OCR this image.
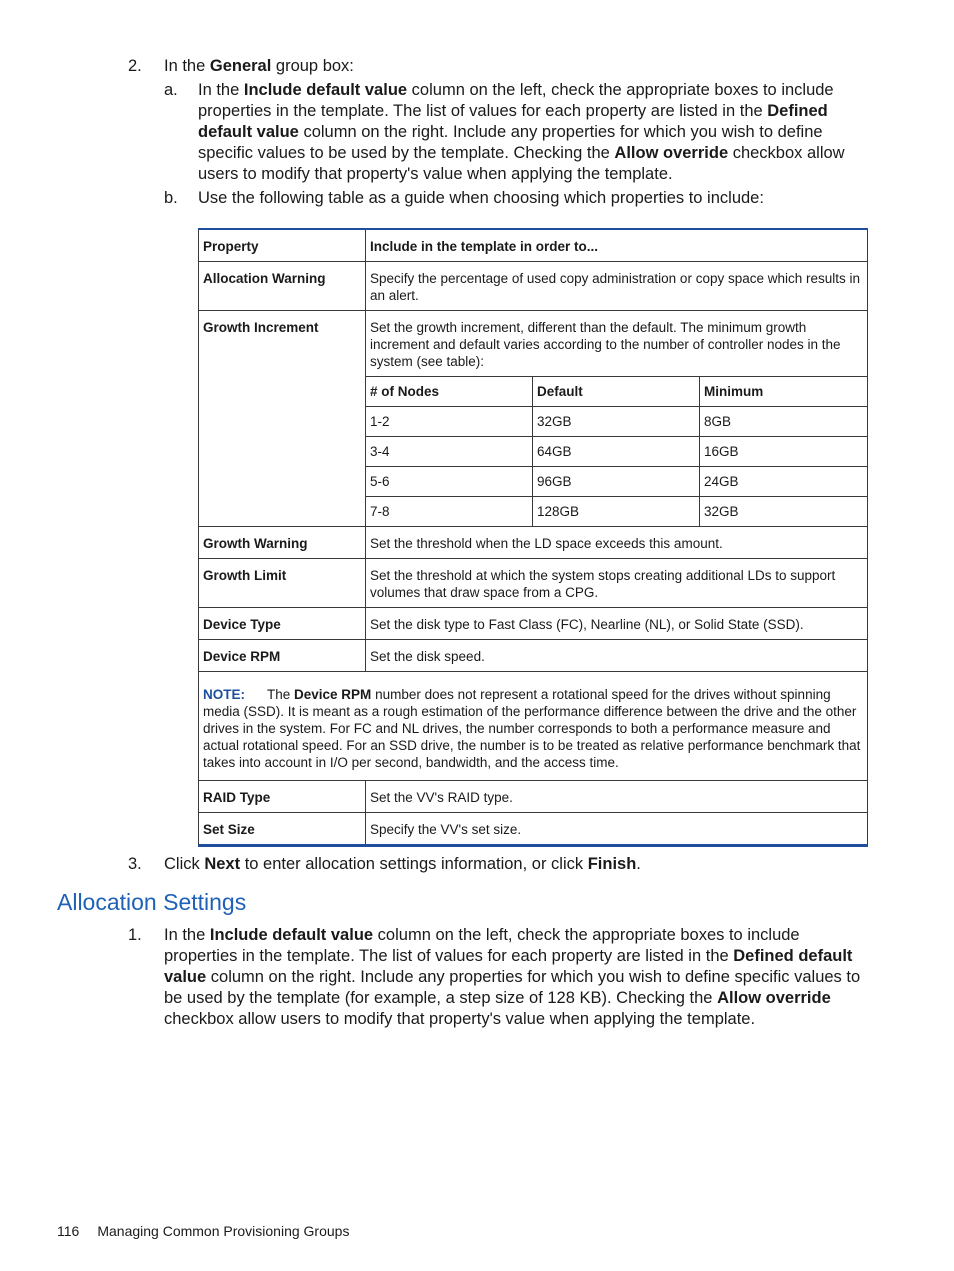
2.	In the General group box:
a. In the Include default value column on the left, check the appropriate boxes to include properties in the template. The list of values for each property are listed in the Defined default value column on the right. Include any properties for which you wish to define specific values to be used by the template. Checking the Allow override checkbox allow users to modify that property's value when applying the template.
b. Use the following table as a guide when choosing which properties to include:
Property	Include in the template in order to...

Allocation Warning	Specify the percentage of used copy administration or copy space which results in an alert.

Growth Increment	Set the growth increment, different than the default. The minimum growth increment and default varies according to the number of controller nodes in the system (see table):
# of Nodes	Default	Minimum
1-2	32GB	8GB
3-4	64GB	16GB
5-6	96GB	24GB
7-8	128GB	32GB

Growth Warning	Set the threshold when the LD space exceeds this amount.

Growth Limit	Set the threshold at which the system stops creating additional LDs to support volumes that draw space from a CPG.

Device Type	Set the disk type to Fast Class (FC), Nearline (NL), or Solid State (SSD).

Device RPM	Set the disk speed.

NOTE: The Device RPM number does not represent a rotational speed for the drives without spinning media (SSD). It is meant as a rough estimation of the performance difference between the drive and the other drives in the system. For FC and NL drives, the number corresponds to both a performance measure and actual rotational speed. For an SSD drive, the number is to be treated as relative performance benchmark that takes into account in I/O per second, bandwidth, and the access time.

RAID Type	Set the VV's RAID type.

Set Size	Specify the VV's set size.
3.	Click Next to enter allocation settings information, or click Finish.
Allocation Settings
1.	In the Include default value column on the left, check the appropriate boxes to include properties in the template. The list of values for each property are listed in the Defined default value column on the right. Include any properties for which you wish to define specific values to be used by the template (for example, a step size of 128 KB). Checking the Allow override checkbox allow users to modify that property's value when applying the template.
116 Managing Common Provisioning Groups
